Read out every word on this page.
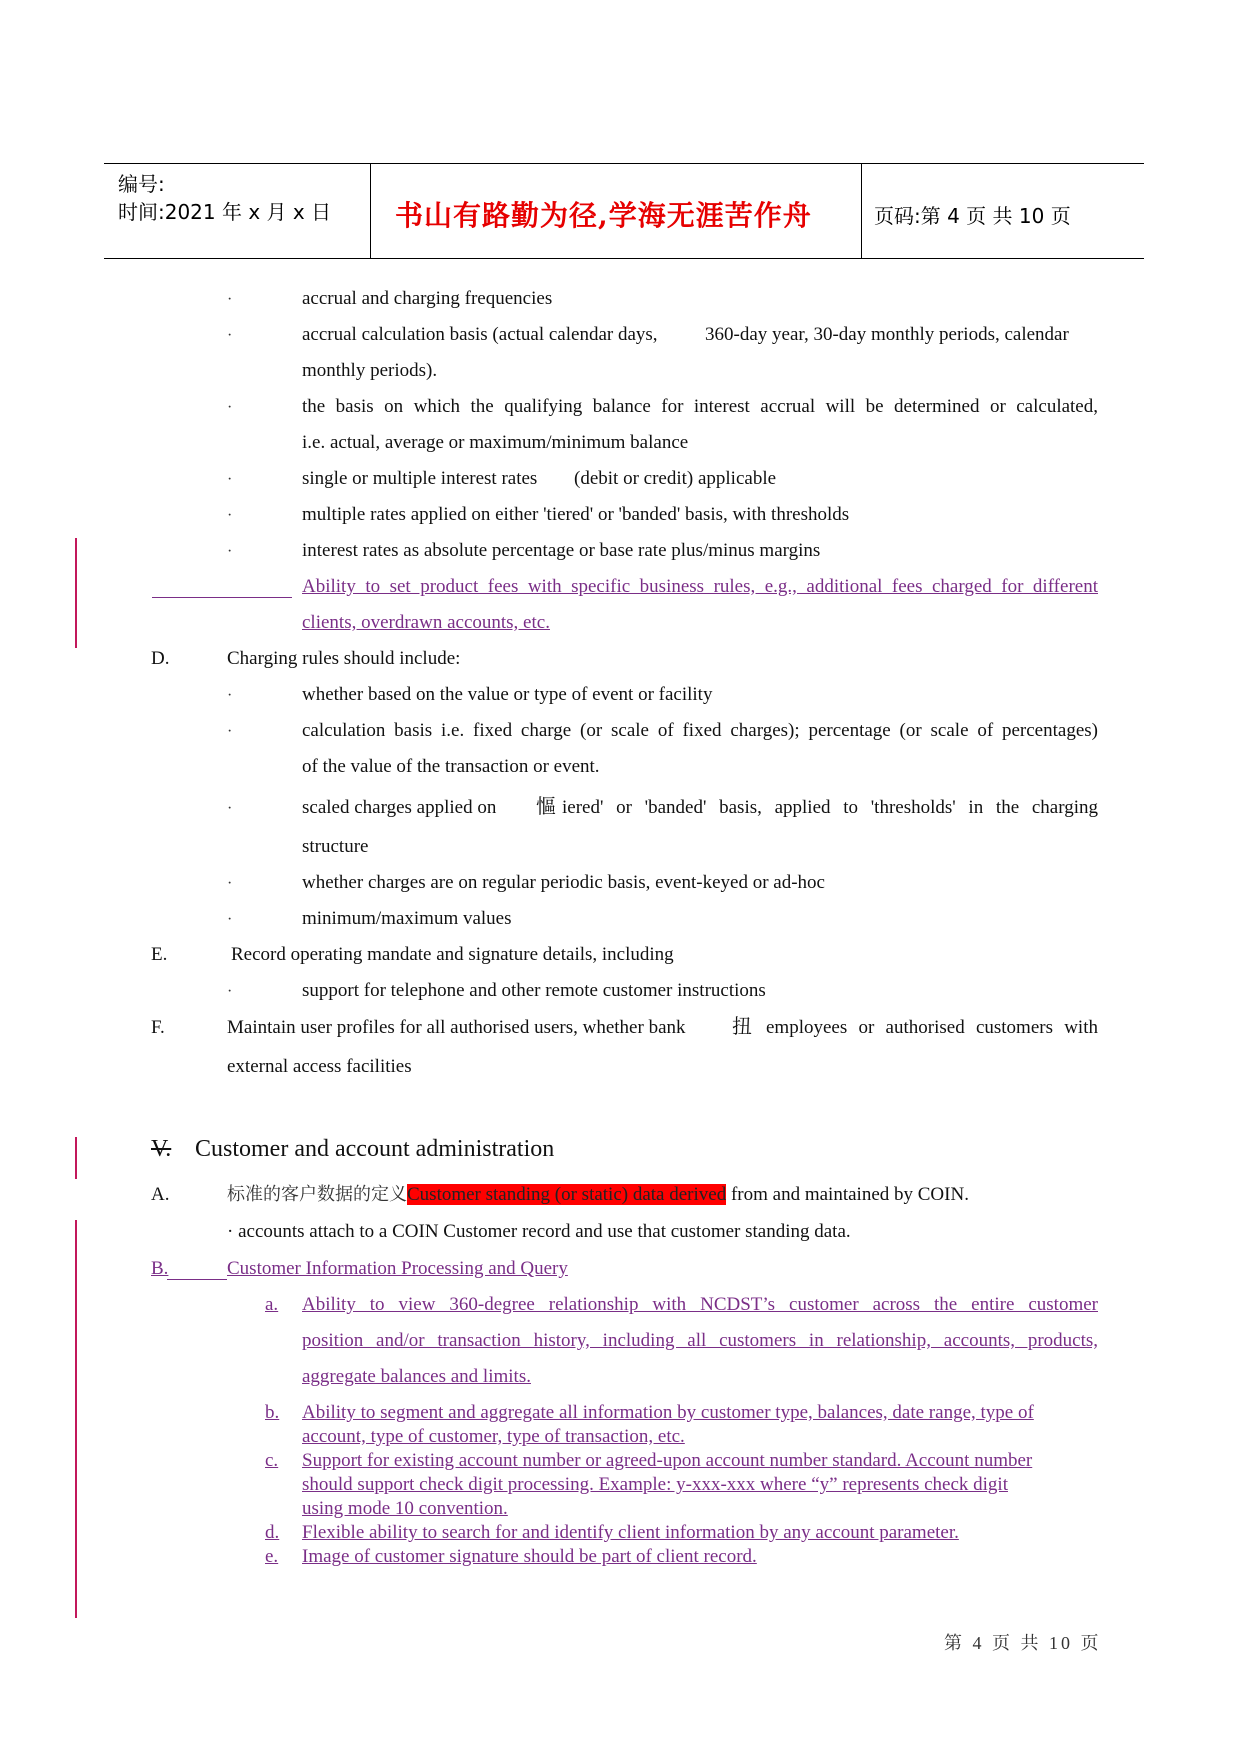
编号:
时间:2021 年 x 月 x 日 书山有路勤为径,学海无涯苦作舟	页码:第 4 页 共 10 页
·	accrual and charging frequencies
·	accrual calculation basis (actual calendar days, 360-day year, 30-day monthly periods, calendar
monthly periods).
·	the basis on which the qualifying balance for interest accrual will be determined or calculated,
i.e. actual, average or maximum/minimum balance
·	single or multiple interest rates (debit or credit) applicable
·	multiple rates applied on either 'tiered' or 'banded' basis, with thresholds
·	interest rates as absolute percentage or base rate plus/minus margins
Ability to set product fees with specific business rules, e.g., additional fees charged for different
clients, overdrawn accounts, etc.
D.	Charging rules should include:
·	whether based on the value or type of event or facility
·	calculation basis i.e. fixed charge (or scale of fixed charges); percentage (or scale of percentages)
of the value of the transaction or event.
·	scaled charges applied on 慪 iered' or 'banded' basis, applied to 'thresholds' in the charging
structure
·	whether charges are on regular periodic basis, event-keyed or ad-hoc
·	minimum/maximum values
E.	Record operating mandate and signature details, including
·	support for telephone and other remote customer instructions
F.	Maintain user profiles for all authorised users, whether bank 扭 employees or authorised customers with
external access facilities
V. Customer and account administration
A.	标准的客户数据的定义Customer standing (or static) data derived from and maintained by COIN.
· accounts attach to a COIN Customer record and use that customer standing data.
B.	Customer Information Processing and Query
a. Ability to view 360-degree relationship with NCDST’s customer across the entire customer
position and/or transaction history, including all customers in relationship, accounts, products,
aggregate balances and limits.
b. Ability to segment and aggregate all information by customer type, balances, date range, type of
account, type of customer, type of transaction, etc.
c. Support for existing account number or agreed-upon account number standard. Account number
should support check digit processing. Example: y-xxx-xxx where “y” represents check digit
using mode 10 convention.
d. Flexible ability to search for and identify client information by any account parameter.
e. Image of customer signature should be part of client record.
第 4 页 共 10 页
